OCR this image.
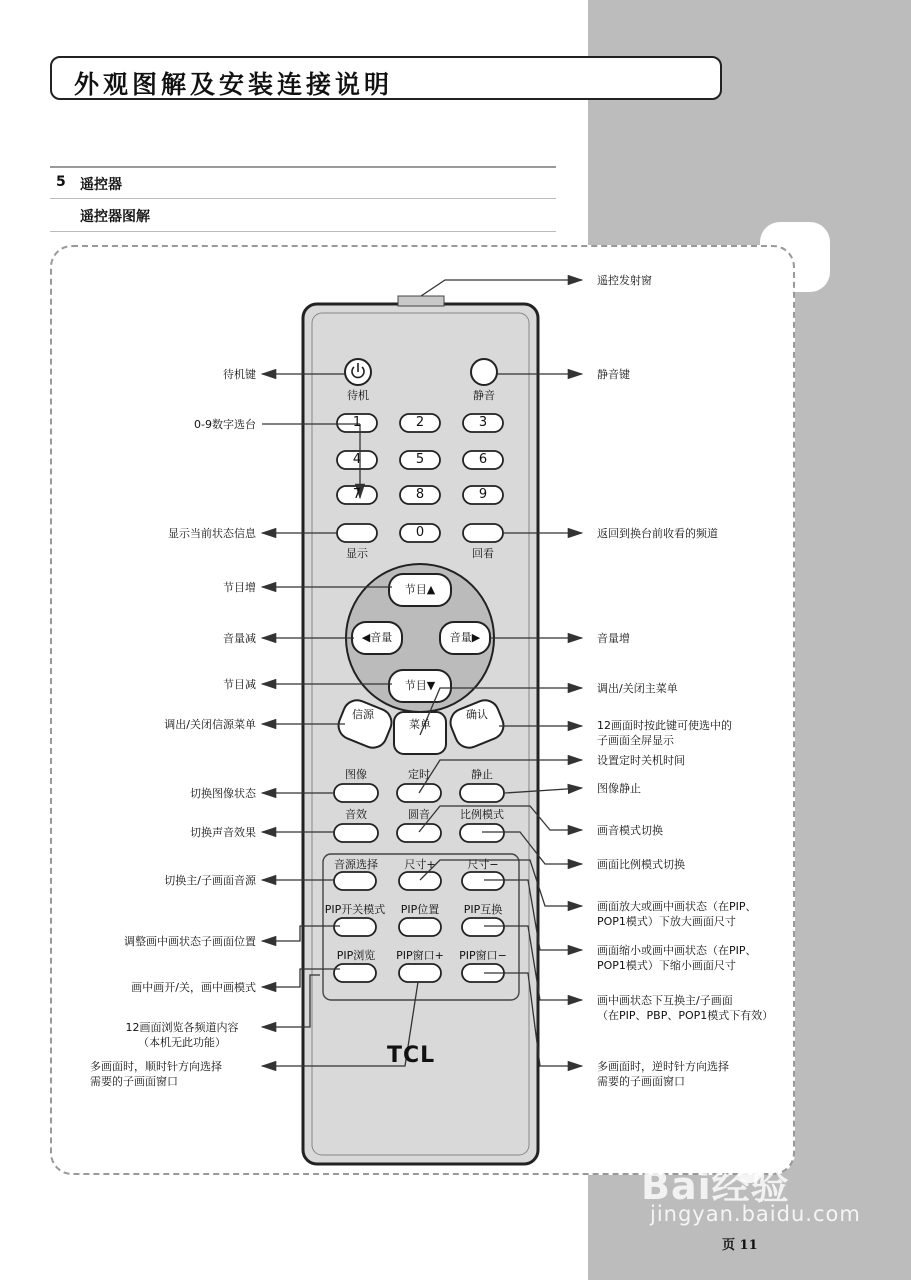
外观图解及安装连接说明
5 遥控器
遥控器图解
待机	静音
1	2	3
4	5	6
7	8	9
0
显示	回看
节目▲
节目▼
◀音量	音量▶
信源
菜单
确认
图像	定时	静止
音效	圆音	比例模式
音源选择	尺寸+	尺寸−
PIP开关模式	PIP位置	PIP互换
PIP浏览	PIP窗口+	PIP窗口−
TCL
待机键
0-9数字选台
显示当前状态信息
节目增
音量减
节目减
调出/关闭信源菜单
切换图像状态
切换声音效果
切换主/子画面音源
调整画中画状态子画面位置
画中画开/关，画中画模式
12画面浏览各频道内容
（本机无此功能）
多画面时，顺时针方向选择
需要的子画面窗口
遥控发射窗
静音键
返回到换台前收看的频道
音量增
调出/关闭主菜单
12画面时按此键可使选中的
子画面全屏显示
设置定时关机时间
图像静止
画音模式切换
画面比例模式切换
画面放大或画中画状态（在PIP、
POP1模式）下放大画面尺寸
画面缩小或画中画状态（在PIP、
POP1模式）下缩小画面尺寸
画中画状态下互换主/子画面
（在PIP、PBP、POP1模式下有效）
多画面时，逆时针方向选择
需要的子画面窗口
Bai经验
jingyan.baidu.com
页 11
